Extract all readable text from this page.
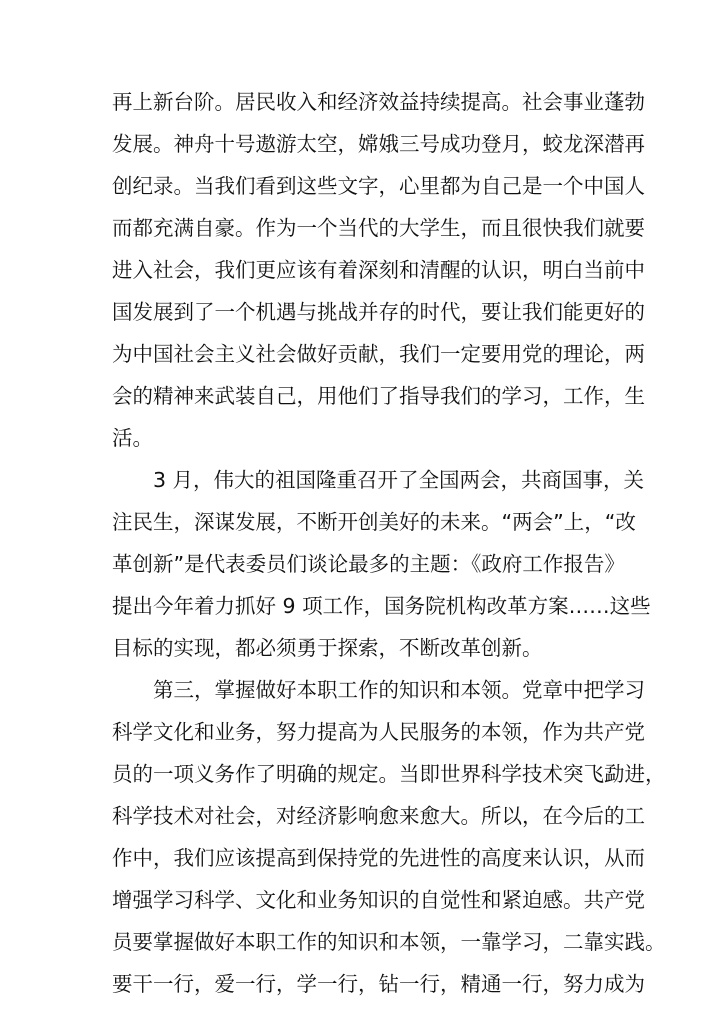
再上新台阶。居民收入和经济效益持续提高。社会事业蓬勃
发展。神舟十号遨游太空，嫦娥三号成功登月，蛟龙深潜再
创纪录。当我们看到这些文字，心里都为自己是一个中国人
而都充满自豪。作为一个当代的大学生，而且很快我们就要
进入社会，我们更应该有着深刻和清醒的认识，明白当前中
国发展到了一个机遇与挑战并存的时代，要让我们能更好的
为中国社会主义社会做好贡献，我们一定要用党的理论，两
会的精神来武装自己，用他们了指导我们的学习，工作，生
活。
3 月，伟大的祖国隆重召开了全国两会，共商国事，关
注民生，深谋发展，不断开创美好的未来。“两会”上，“改
革创新”是代表委员们谈论最多的主题：《政府工作报告》
提出今年着力抓好 9 项工作，国务院机构改革方案……这些
目标的实现，都必须勇于探索，不断改革创新。
第三，掌握做好本职工作的知识和本领。党章中把学习
科学文化和业务，努力提高为人民服务的本领，作为共产党
员的一项义务作了明确的规定。当即世界科学技术突飞勐进，
科学技术对社会，对经济影响愈来愈大。所以，在今后的工
作中，我们应该提高到保持党的先进性的高度来认识，从而
增强学习科学、文化和业务知识的自觉性和紧迫感。共产党
员要掌握做好本职工作的知识和本领，一靠学习，二靠实践。
要干一行，爱一行，学一行，钻一行，精通一行，努力成为
